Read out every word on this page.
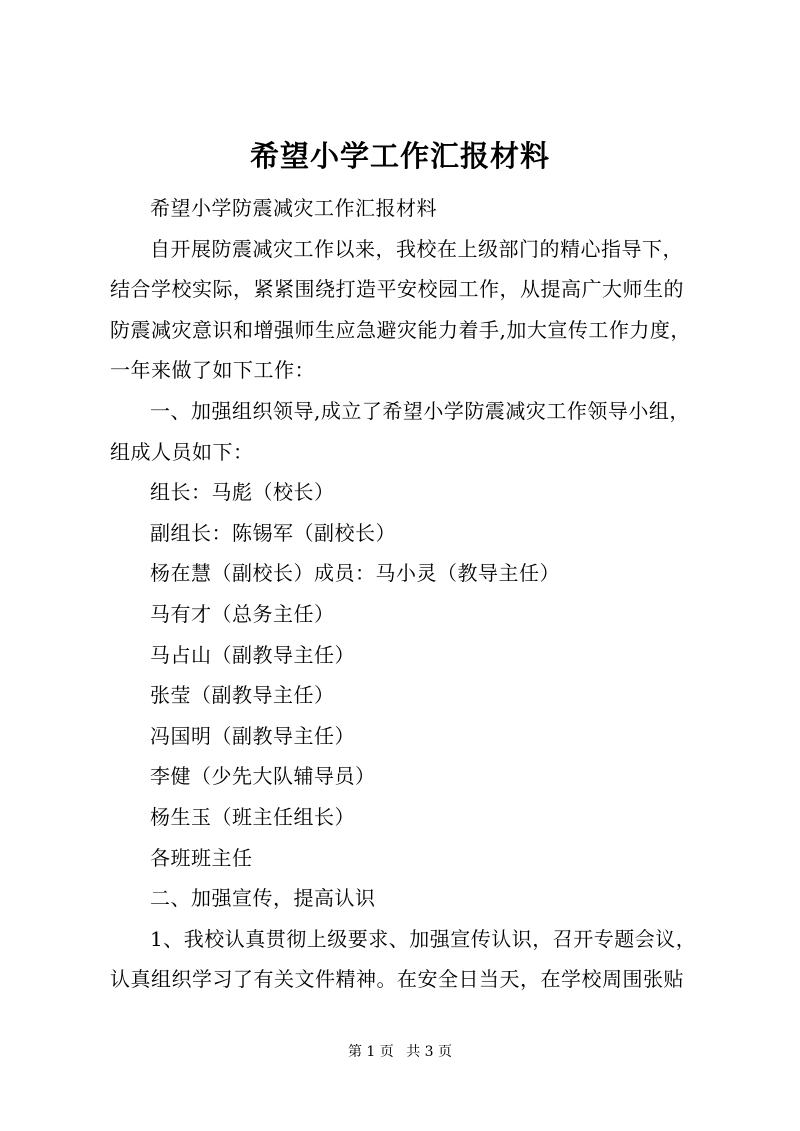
希望小学工作汇报材料

希望小学防震减灾工作汇报材料

自开展防震减灾工作以来，我校在上级部门的精心指导下，
结合学校实际，紧紧围绕打造平安校园工作，从提高广大师生的
防震减灾意识和增强师生应急避灾能力着手,加大宣传工作力度，
一年来做了如下工作：

一、加强组织领导,成立了希望小学防震减灾工作领导小组，
组成人员如下：

组长：马彪（校长）

副组长：陈锡军（副校长）

杨在慧（副校长）成员：马小灵（教导主任）

马有才（总务主任）

马占山（副教导主任）

张莹（副教导主任）

冯国明（副教导主任）

李健（少先大队辅导员）

杨生玉（班主任组长）

各班班主任

二、加强宣传，提高认识

1、我校认真贯彻上级要求、加强宣传认识，召开专题会议，
认真组织学习了有关文件精神。在安全日当天，在学校周围张贴

第 1 页 共 3 页
